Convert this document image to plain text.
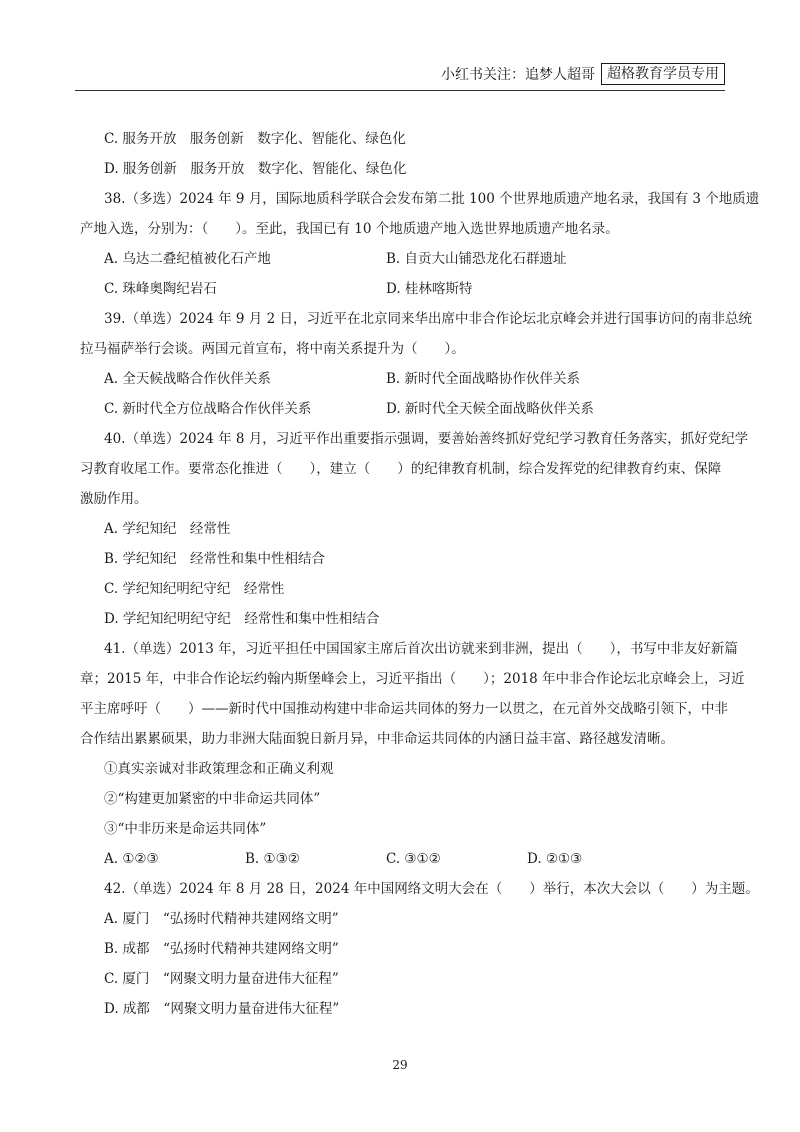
小红书关注：追梦人超哥 超格教育学员专用
C. 服务开放　服务创新　数字化、智能化、绿色化
D. 服务创新　服务开放　数字化、智能化、绿色化
38.（多选）2024 年 9 月，国际地质科学联合会发布第二批 100 个世界地质遗产地名录，我国有 3 个地质遗
产地入选，分别为：（　　）。至此，我国已有 10 个地质遗产地入选世界地质遗产地名录。
A. 乌达二叠纪植被化石产地	B. 自贡大山铺恐龙化石群遗址
C. 珠峰奥陶纪岩石	D. 桂林喀斯特
39.（单选）2024 年 9 月 2 日，习近平在北京同来华出席中非合作论坛北京峰会并进行国事访问的南非总统
拉马福萨举行会谈。两国元首宣布，将中南关系提升为（　　）。
A. 全天候战略合作伙伴关系	B. 新时代全面战略协作伙伴关系
C. 新时代全方位战略合作伙伴关系	D. 新时代全天候全面战略伙伴关系
40.（单选）2024 年 8 月，习近平作出重要指示强调，要善始善终抓好党纪学习教育任务落实，抓好党纪学
习教育收尾工作。要常态化推进（　　），建立（　　）的纪律教育机制，综合发挥党的纪律教育约束、保障
激励作用。
A. 学纪知纪　经常性
B. 学纪知纪　经常性和集中性相结合
C. 学纪知纪明纪守纪　经常性
D. 学纪知纪明纪守纪　经常性和集中性相结合
41.（单选）2013 年，习近平担任中国国家主席后首次出访就来到非洲，提出（　　），书写中非友好新篇
章；2015 年，中非合作论坛约翰内斯堡峰会上，习近平指出（　　）；2018 年中非合作论坛北京峰会上，习近
平主席呼吁（　　）——新时代中国推动构建中非命运共同体的努力一以贯之，在元首外交战略引领下，中非
合作结出累累硕果，助力非洲大陆面貌日新月异，中非命运共同体的内涵日益丰富、路径越发清晰。
①真实亲诚对非政策理念和正确义利观
②“构建更加紧密的中非命运共同体”
③“中非历来是命运共同体”
A. ①②③	B. ①③②	C. ③①②	D. ②①③
42.（单选）2024 年 8 月 28 日，2024 年中国网络文明大会在（　　）举行，本次大会以（　　）为主题。
A. 厦门　“弘扬时代精神共建网络文明”
B. 成都　“弘扬时代精神共建网络文明”
C. 厦门　“网聚文明力量奋进伟大征程”
D. 成都　“网聚文明力量奋进伟大征程”
29
